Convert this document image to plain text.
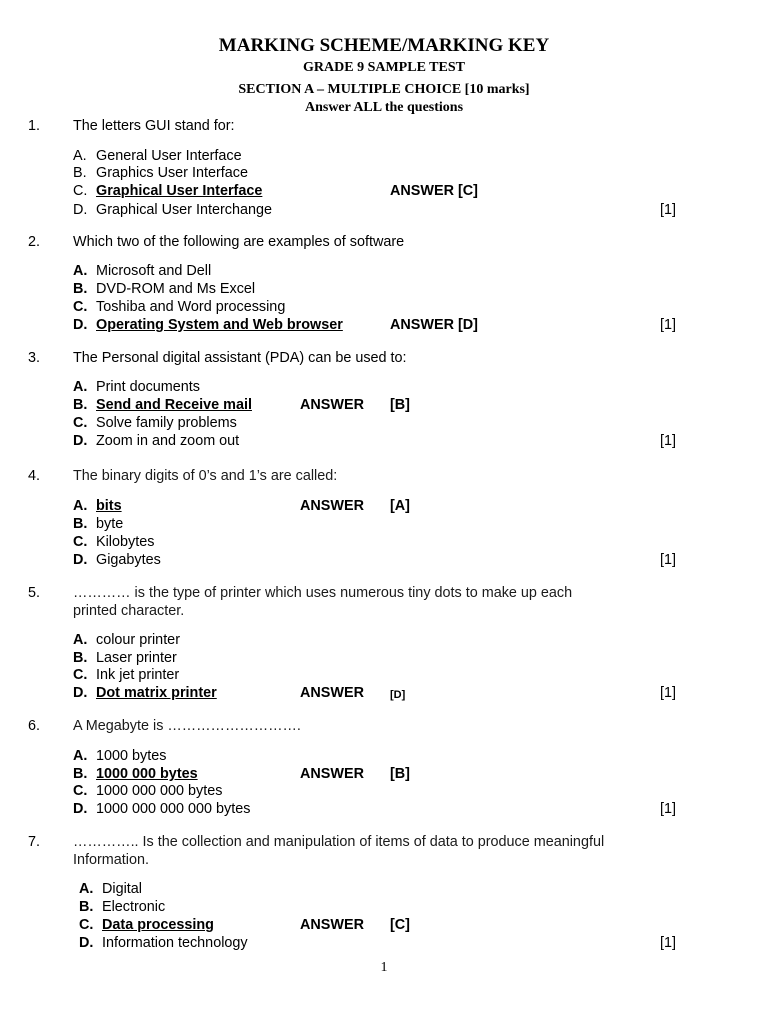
MARKING SCHEME/MARKING KEY
GRADE 9 SAMPLE TEST
SECTION A – MULTIPLE CHOICE [10 marks]
Answer ALL the questions
1. The letters GUI stand for:
A. General User Interface
B. Graphics User Interface
C. Graphical User Interface	ANSWER [C]
D. Graphical User Interchange	[1]
2. Which two of the following are examples of software
A. Microsoft and Dell
B. DVD-ROM and Ms Excel
C. Toshiba and Word processing
D. Operating System and Web browser	ANSWER [D]	[1]
3. The Personal digital assistant (PDA) can be used to:
A. Print documents
B. Send and Receive mail	ANSWER [B]
C. Solve family problems
D. Zoom in and zoom out	[1]
4. The binary digits of 0’s and 1’s are called:
A. bits	ANSWER [A]
B. byte
C. Kilobytes
D. Gigabytes	[1]
5. ………… is the type of printer which uses numerous tiny dots to make up each
printed character.
A. colour printer
B. Laser printer
C. Ink jet printer
D. Dot matrix printer	ANSWER [D]	[1]
6. A Megabyte is ……………………….
A. 1000 bytes
B. 1000 000 bytes	ANSWER [B]
C. 1000 000 000 bytes
D. 1000 000 000 000 bytes	[1]
7. ………….. Is the collection and manipulation of items of data to produce meaningful
Information.
A. Digital
B. Electronic
C. Data processing	ANSWER [C]
D. Information technology	[1]
1
